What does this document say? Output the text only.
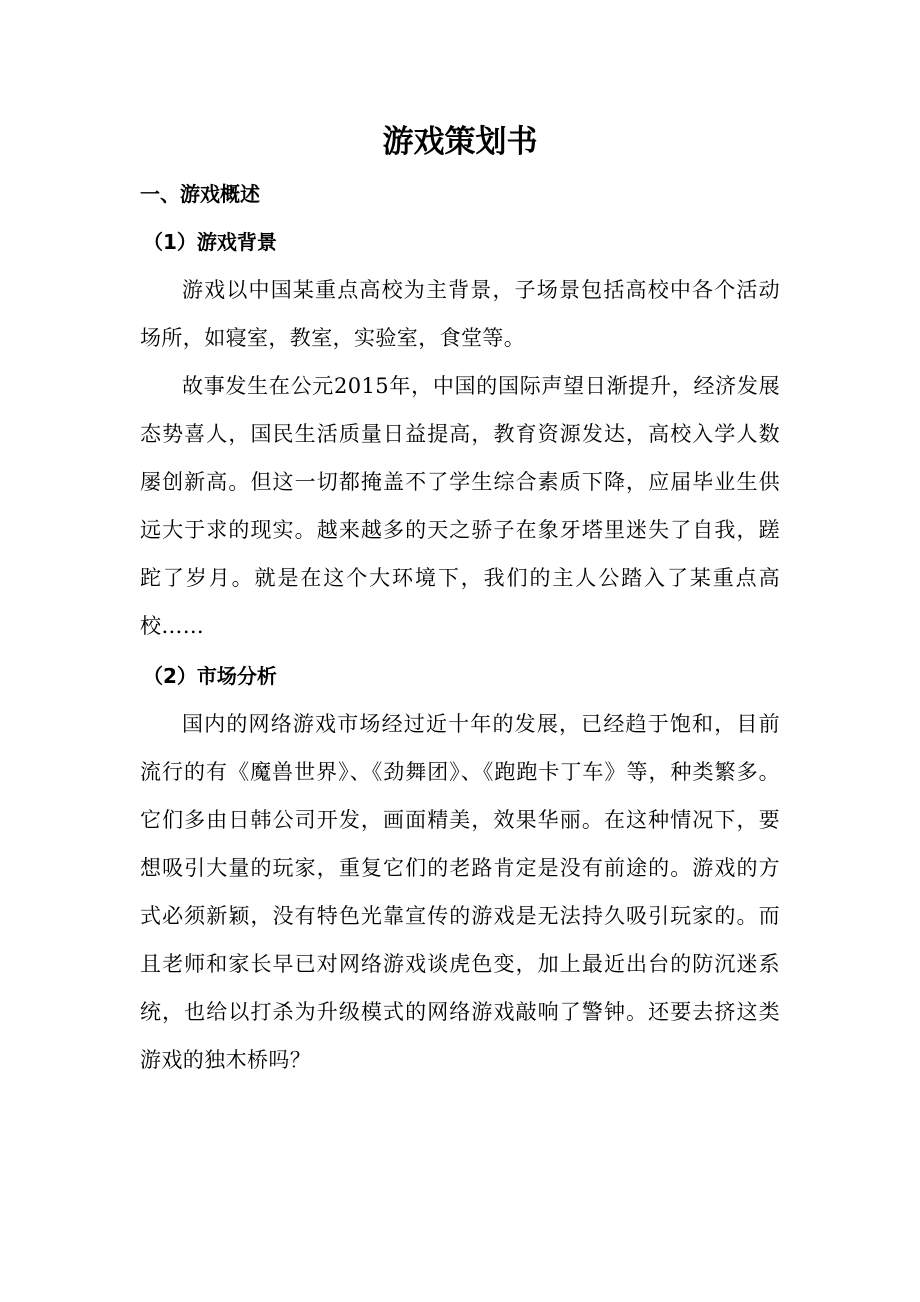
游戏策划书
一、游戏概述
（1）游戏背景

游戏以中国某重点高校为主背景，子场景包括高校中各个活动场所，如寝室，教室，实验室，食堂等。

故事发生在公元2015年，中国的国际声望日渐提升，经济发展态势喜人，国民生活质量日益提高，教育资源发达，高校入学人数屡创新高。但这一切都掩盖不了学生综合素质下降，应届毕业生供远大于求的现实。越来越多的天之骄子在象牙塔里迷失了自我，蹉跎了岁月。就是在这个大环境下，我们的主人公踏入了某重点高校……

（2）市场分析

国内的网络游戏市场经过近十年的发展，已经趋于饱和，目前流行的有《魔兽世界》、《劲舞团》、《跑跑卡丁车》等，种类繁多。它们多由日韩公司开发，画面精美，效果华丽。在这种情况下，要想吸引大量的玩家，重复它们的老路肯定是没有前途的。游戏的方式必须新颖，没有特色光靠宣传的游戏是无法持久吸引玩家的。而且老师和家长早已对网络游戏谈虎色变，加上最近出台的防沉迷系统，也给以打杀为升级模式的网络游戏敲响了警钟。还要去挤这类游戏的独木桥吗？
